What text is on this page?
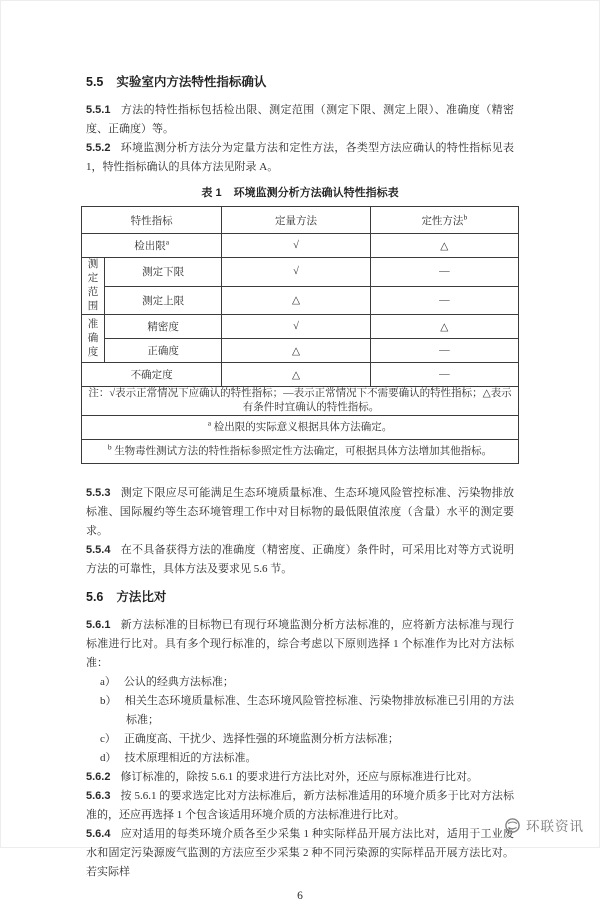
5.5 实验室内方法特性指标确认

5.5.1 方法的特性指标包括检出限、测定范围（测定下限、测定上限）、准确度（精密度、正确度）等。

5.5.2 环境监测分析方法分为定量方法和定性方法，各类型方法应确认的特性指标见表 1，特性指标确认的具体方法见附录 A。

表 1 环境监测分析方法确认特性指标表
特性指标		定量方法	定性方法$^b$
检出限$^a$		√	△
测定范围	测定下限	√	—
	测定上限	△	—
准确度	精密度	√	△
	正确度	△	—
不确定度		△	—

注：√表示正常情况下应确认的特性指标；—表示正常情况下不需要确认的特性指标；△表示有条件时宜确认的特性指标。			

$^a$ 检出限的实际意义根据具体方法确定。			
$^b$ 生物毒性测试方法的特性指标参照定性方法确定，可根据具体方法增加其他指标。			

5.5.3 测定下限应尽可能满足生态环境质量标准、生态环境风险管控标准、污染物排放标准、国际履约等生态环境管理工作中对目标物的最低限值浓度（含量）水平的测定要求。

5.5.4 在不具备获得方法的准确度（精密度、正确度）条件时，可采用比对等方式说明方法的可靠性，具体方法及要求见 5.6 节。

5.6 方法比对

5.6.1 新方法标准的目标物已有现行环境监测分析方法标准的，应将新方法标准与现行标准进行比对。具有多个现行标准的，综合考虑以下原则选择 1 个标准作为比对方法标准：

a） 公认的经典方法标准；

b） 相关生态环境质量标准、生态环境风险管控标准、污染物排放标准已引用的方法标准；

c） 正确度高、干扰少、选择性强的环境监测分析方法标准；

d） 技术原理相近的方法标准。

5.6.2 修订标准的，除按 5.6.1 的要求进行方法比对外，还应与原标准进行比对。

5.6.3 按 5.6.1 的要求选定比对方法标准后，新方法标准适用的环境介质多于比对方法标准的，还应再选择 1 个包含该适用环境介质的方法标准进行比对。

5.6.4 应对适用的每类环境介质各至少采集 1 种实际样品开展方法比对，适用于工业废水和固定污染源废气监测的方法应至少采集 2 种不同污染源的实际样品开展方法比对。若实际样

6
环联资讯
